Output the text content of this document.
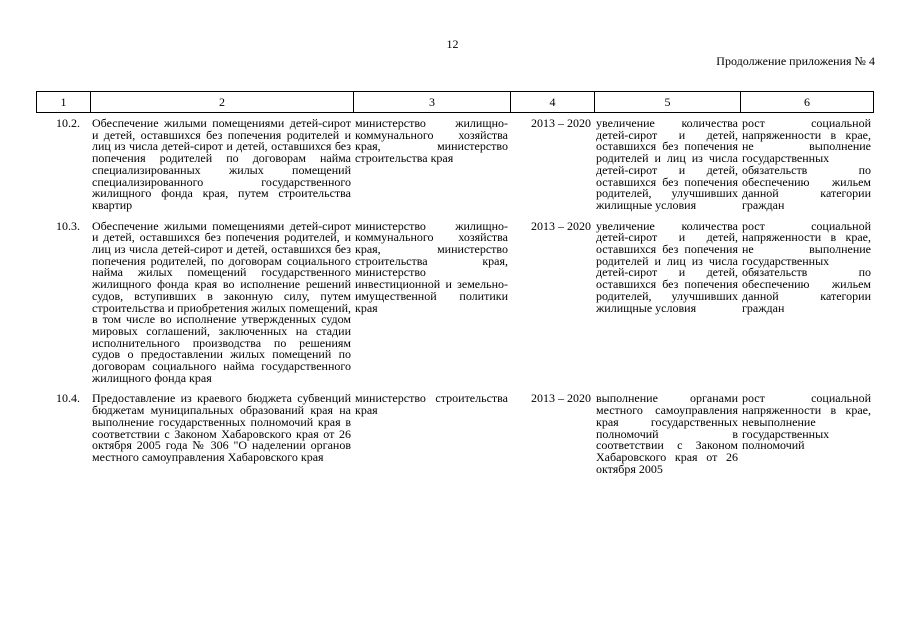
12
Продолжение приложения № 4
1	2	3	4	5	6
10.2.	Обеспечение жилыми помещениями детей-сирот и детей, оставшихся без попечения родителей и лиц из числа детей-сирот и детей, оставшихся без попечения родителей по договорам найма специализированных жилых помещений специализированного государственного жилищного фонда края, путем строительства квартир	министерство жилищно-коммунального хозяйства края, министерство строительства края	2013 – 2020	увеличение количества детей-сирот и детей, оставшихся без попечения родителей и лиц из числа детей-сирот и детей, оставшихся без попечения родителей, улучшивших жилищные условия	рост социальной напряженности в крае, не выполнение государственных обязательств по обеспечению жильем данной категории граждан
10.3.	Обеспечение жилыми помещениями детей-сирот и детей, оставшихся без попечения родителей, и лиц из числа детей-сирот и детей, оставшихся без попечения родителей, по договорам социального найма жилых помещений государственного жилищного фонда края во исполнение решений судов, вступивших в законную силу, путем строительства и приобретения жилых помещений, в том числе во исполнение утвержденных судом мировых соглашений, заключенных на стадии исполнительного производства по решениям судов о предоставлении жилых помещений по договорам социального найма государственного жилищного фонда края	министерство жилищно-коммунального хозяйства края, министерство строительства края, министерство инвестиционной и земельно-имущественной политики края	2013 – 2020	увеличение количества детей-сирот и детей, оставшихся без попечения родителей и лиц из числа детей-сирот и детей, оставшихся без попечения родителей, улучшивших жилищные условия	рост социальной напряженности в крае, не выполнение государственных обязательств по обеспечению жильем данной категории граждан
10.4.	Предоставление из краевого бюджета субвенций бюджетам муниципальных образований края на выполнение государственных полномочий края в соответствии с Законом Хабаровского края от 26 октября 2005 года № 306 "О наделении органов местного самоуправления Хабаровского края	министерство строительства края	2013 – 2020	выполнение органами местного самоуправления края государственных полномочий в соответствии с Законом Хабаровского края от 26 октября 2005	рост социальной напряженности в крае, невыполнение государственных полномочий
